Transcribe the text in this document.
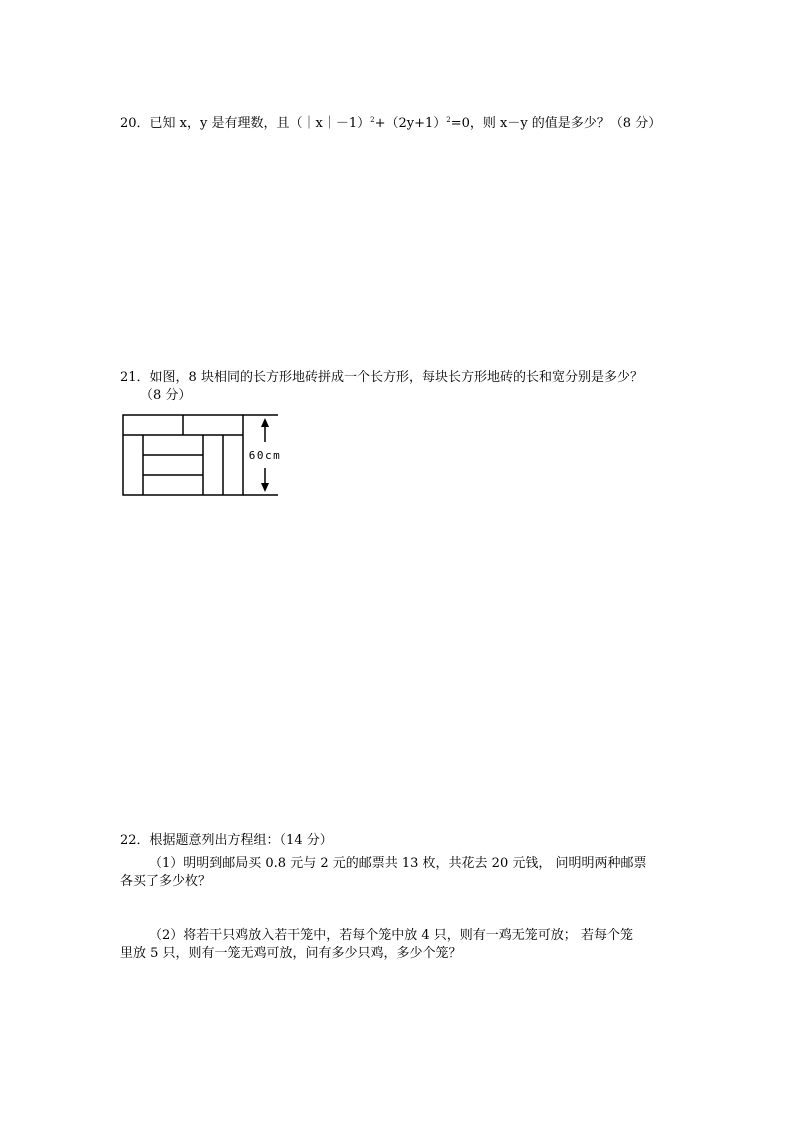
20．已知 x，y 是有理数，且$(|x|-1)^2+(2y+1)^2=0$，则 x－y 的值是多少？（8 分）
21．如图，8 块相同的长方形地砖拼成一个长方形，每块长方形地砖的长和宽分别是多少？
（8 分）
60cm
22．根据题意列出方程组：（14 分）
（1）明明到邮局买 0.8 元与 2 元的邮票共 13 枚，共花去 20 元钱， 问明明两种邮票
各买了多少枚？
（2）将若干只鸡放入若干笼中，若每个笼中放 4 只，则有一鸡无笼可放； 若每个笼
里放 5 只，则有一笼无鸡可放，问有多少只鸡，多少个笼？
